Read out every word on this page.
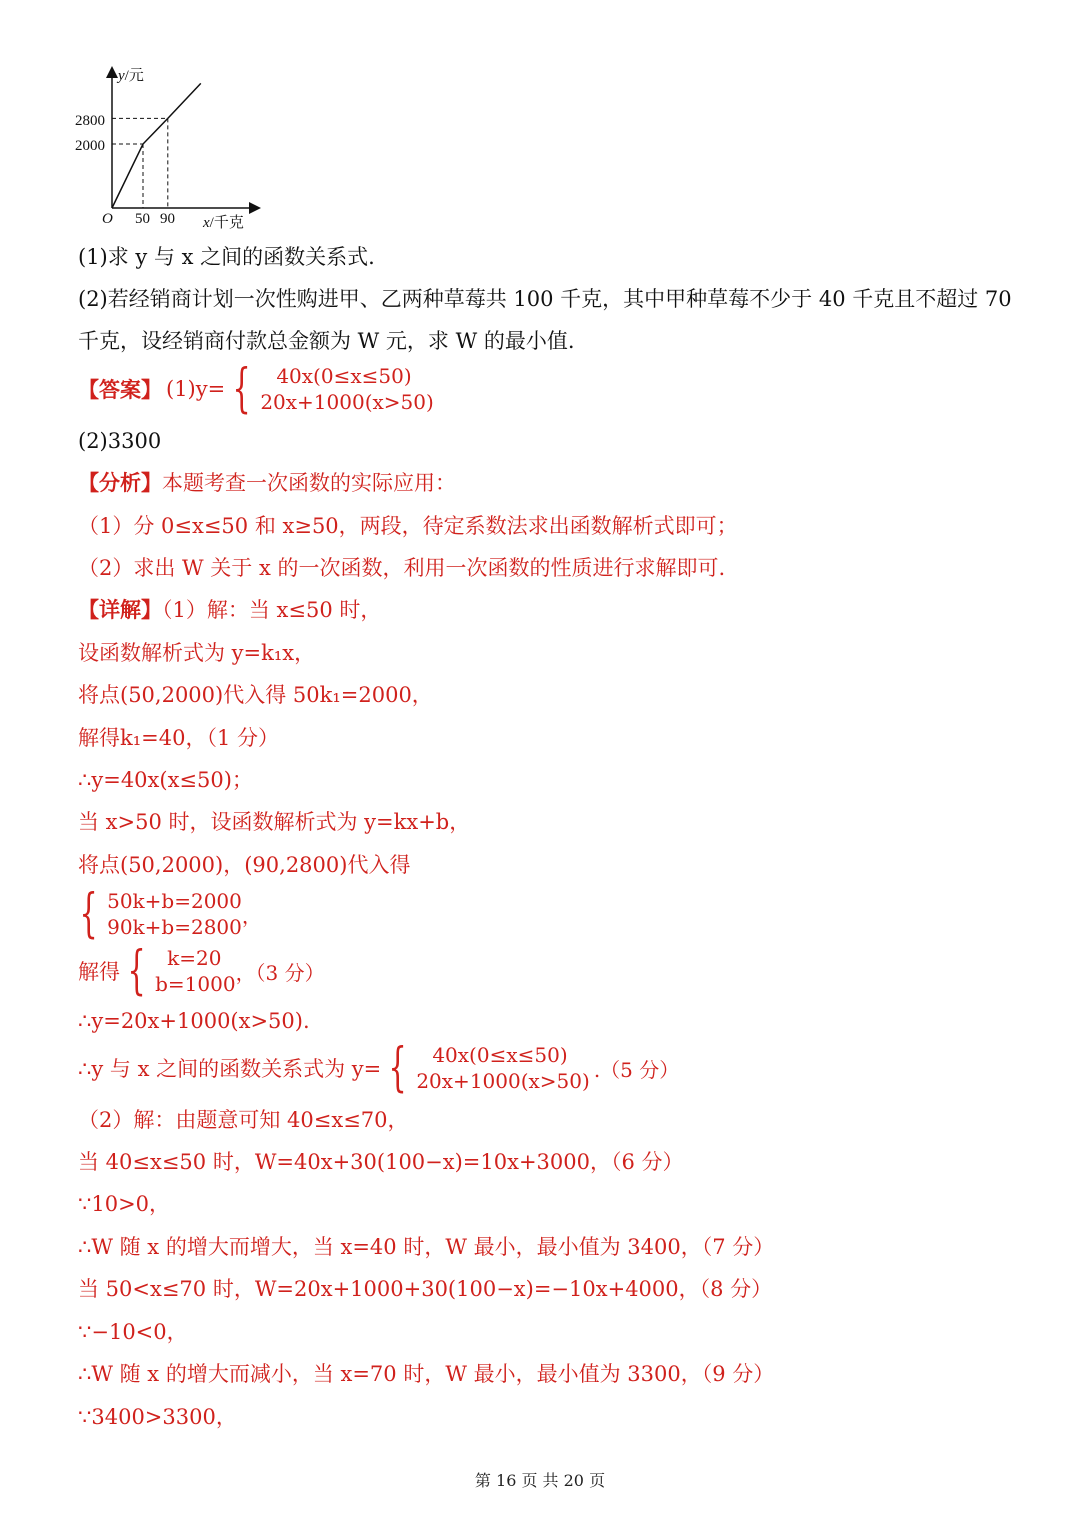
2800
2000
50 90
O
y/元
x/千克
(1)求 y 与 x 之间的函数关系式.
(2)若经销商计划一次性购进甲、乙两种草莓共 100 千克，其中甲种草莓不少于 40 千克且不超过 70
千克，设经销商付款总金额为 W 元，求 W 的最小值.
【答案】 (1)y= {	40x(0≤x≤50)
20x+1000(x>50)
(2)3300
【分析】本题考查一次函数的实际应用：
（1）分 0≤x≤50 和 x≥50，两段，待定系数法求出函数解析式即可；
（2）求出 W 关于 x 的一次函数，利用一次函数的性质进行求解即可.
【详解】（1）解：当 x≤50 时，
设函数解析式为 y=k₁x，
将点(50,2000)代入得 50k₁=2000，
解得k₁=40，（1 分）
∴y=40x(x≤50)；
当 x>50 时，设函数解析式为 y=kx+b，
将点(50,2000)，(90,2800)代入得
{ 50k+b=2000
90k+b=2800 ，
解得 {	k=20
b=1000 ，（3 分）
∴y=20x+1000(x>50).
∴y 与 x 之间的函数关系式为 y= {	40x(0≤x≤50)
20x+1000(x>50) .（5 分）
（2）解：由题意可知 40≤x≤70，
当 40≤x≤50 时，W=40x+30(100−x)=10x+3000，（6 分）
∵10>0，
∴W 随 x 的增大而增大，当 x=40 时，W 最小，最小值为 3400，（7 分）
当 50<x≤70 时，W=20x+1000+30(100−x)=−10x+4000，（8 分）
∵−10<0，
∴W 随 x 的增大而减小，当 x=70 时，W 最小，最小值为 3300，（9 分）
∵3400>3300，
第 16 页 共 20 页
